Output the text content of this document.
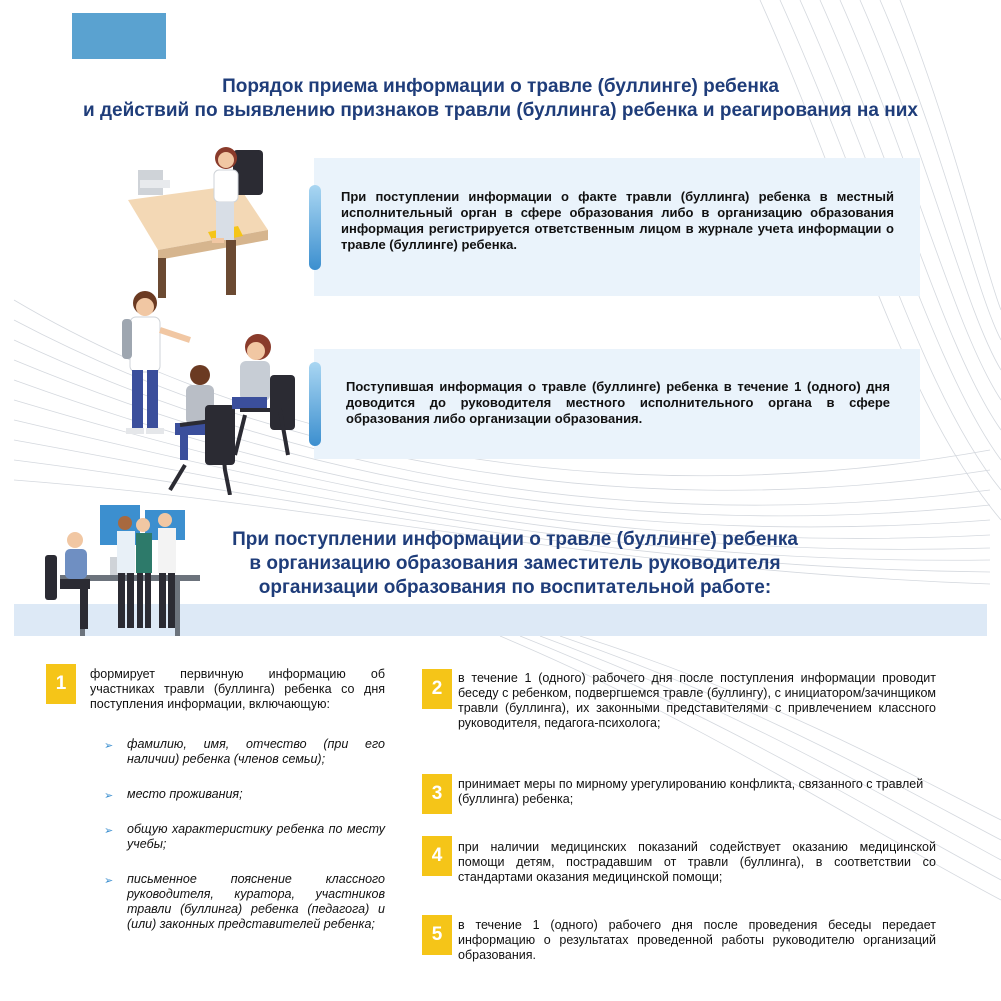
Порядок приема информации о травле (буллинге) ребенка
и действий по выявлению признаков травли (буллинга) ребенка и реагирования на них
При поступлении информации о факте травли (буллинга) ребенка в местный исполнительный орган в сфере образования либо в организацию образования информация регистрируется ответственным лицом в журнале учета информации о травле (буллинге) ребенка.
Поступившая информация о травле (буллинге) ребенка в течение 1 (одного) дня доводится до руководителя местного исполнительного органа в сфере образования либо организации образования.
При поступлении информации о травле (буллинге) ребенка
в организацию образования заместитель руководителя
организации образования по воспитательной работе:
1	формирует первичную информацию об участниках травли (буллинга) ребенка со дня поступления информации, включающую:
➢ фамилию, имя, отчество (при его наличии) ребенка (членов семьи);
➢ место проживания;
➢ общую характеристику ребенка по месту учебы;
➢ письменное пояснение классного руководителя, куратора, участников травли (буллинга) ребенка (педагога) и (или) законных представителей ребенка;
2	в течение 1 (одного) рабочего дня после поступления информации проводит беседу с ребенком, подвергшемся травле (буллингу), с инициатором/зачинщиком травли (буллинга), их законными представителями с привлечением классного руководителя, педагога-психолога;
3	принимает меры по мирному урегулированию конфликта, связанного с травлей (буллинга) ребенка;
4	при наличии медицинских показаний содействует оказанию медицинской помощи детям, пострадавшим от травли (буллинга), в соответствии со стандартами оказания медицинской помощи;
5	в течение 1 (одного) рабочего дня после проведения беседы передает информацию о результатах проведенной работы руководителю организаций образования.
